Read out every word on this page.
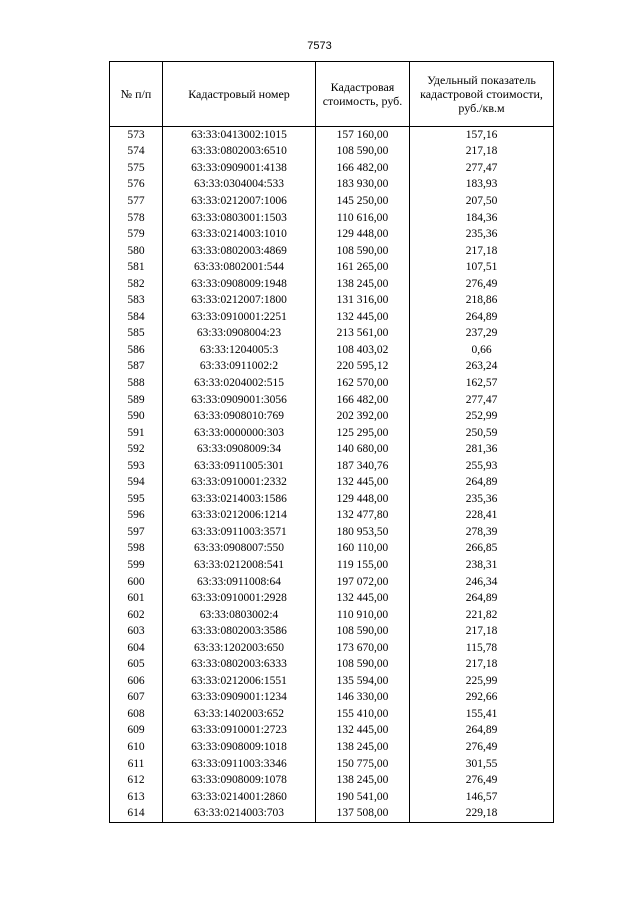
7573
№ п/п	Кадастровый номер	Кадастровая стоимость, руб.	Удельный показатель кадастровой стоимости, руб./кв.м
573	63:33:0413002:1015	157 160,00	157,16
574	63:33:0802003:6510	108 590,00	217,18
575	63:33:0909001:4138	166 482,00	277,47
576	63:33:0304004:533	183 930,00	183,93
577	63:33:0212007:1006	145 250,00	207,50
578	63:33:0803001:1503	110 616,00	184,36
579	63:33:0214003:1010	129 448,00	235,36
580	63:33:0802003:4869	108 590,00	217,18
581	63:33:0802001:544	161 265,00	107,51
582	63:33:0908009:1948	138 245,00	276,49
583	63:33:0212007:1800	131 316,00	218,86
584	63:33:0910001:2251	132 445,00	264,89
585	63:33:0908004:23	213 561,00	237,29
586	63:33:1204005:3	108 403,02	0,66
587	63:33:0911002:2	220 595,12	263,24
588	63:33:0204002:515	162 570,00	162,57
589	63:33:0909001:3056	166 482,00	277,47
590	63:33:0908010:769	202 392,00	252,99
591	63:33:0000000:303	125 295,00	250,59
592	63:33:0908009:34	140 680,00	281,36
593	63:33:0911005:301	187 340,76	255,93
594	63:33:0910001:2332	132 445,00	264,89
595	63:33:0214003:1586	129 448,00	235,36
596	63:33:0212006:1214	132 477,80	228,41
597	63:33:0911003:3571	180 953,50	278,39
598	63:33:0908007:550	160 110,00	266,85
599	63:33:0212008:541	119 155,00	238,31
600	63:33:0911008:64	197 072,00	246,34
601	63:33:0910001:2928	132 445,00	264,89
602	63:33:0803002:4	110 910,00	221,82
603	63:33:0802003:3586	108 590,00	217,18
604	63:33:1202003:650	173 670,00	115,78
605	63:33:0802003:6333	108 590,00	217,18
606	63:33:0212006:1551	135 594,00	225,99
607	63:33:0909001:1234	146 330,00	292,66
608	63:33:1402003:652	155 410,00	155,41
609	63:33:0910001:2723	132 445,00	264,89
610	63:33:0908009:1018	138 245,00	276,49
611	63:33:0911003:3346	150 775,00	301,55
612	63:33:0908009:1078	138 245,00	276,49
613	63:33:0214001:2860	190 541,00	146,57
614	63:33:0214003:703	137 508,00	229,18
